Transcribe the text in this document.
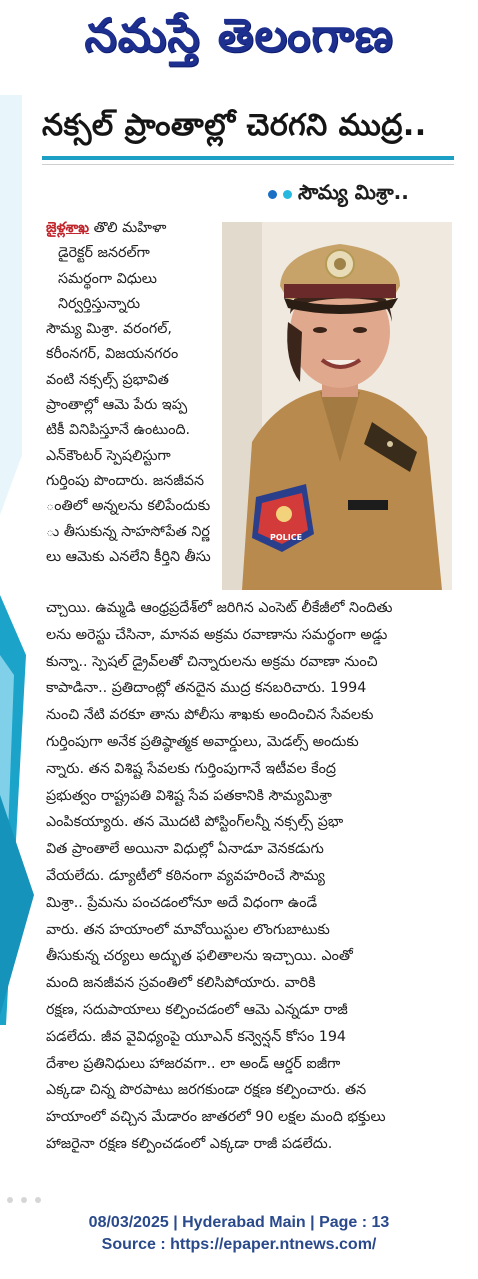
నమస్తే తెలంగాణ
నక్సల్ ప్రాంతాల్లో చెరగని ముద్ర..
సౌమ్య మిశ్రా..
POLICE
జైళ్లశాఖ తొలి మహిళా
డైరెక్టర్ జనరల్‌గా
సమర్థంగా విధులు
నిర్వర్తిస్తున్నారు
సౌమ్య మిశ్రా. వరంగల్,
కరీంనగర్, విజయనగరం
వంటి నక్సల్స్ ప్రభావిత
ప్రాంతాల్లో ఆమె పేరు ఇప్ప
టికీ వినిపిస్తూనే ఉంటుంది.
ఎన్‌కౌంటర్ స్పెషలిస్టుగా
గుర్తింపు పొందారు. జనజీవన
ంతిలో అన్నలను కలిపేందుకు
ు తీసుకున్న సాహసోపేత నిర్ణ
లు ఆమెకు ఎనలేని కీర్తిని తీసు
చ్చాయి. ఉమ్మడి ఆంధ్రప్రదేశ్‌లో జరిగిన ఎంసెట్ లీకేజీలో నిందితు
లను అరెస్టు చేసినా, మానవ అక్రమ రవాణాను సమర్థంగా అడ్డు
కున్నా.. స్పెషల్ డ్రైవ్‌లతో చిన్నారులను అక్రమ రవాణా నుంచి
కాపాడినా.. ప్రతిదాంట్లో తనదైన ముద్ర కనబరిచారు. 1994
నుంచి నేటి వరకూ తాను పోలీసు శాఖకు అందించిన సేవలకు
గుర్తింపుగా అనేక ప్రతిష్ఠాత్మక అవార్డులు, మెడల్స్ అందుకు
న్నారు. తన విశిష్ట సేవలకు గుర్తింపుగానే ఇటీవల కేంద్ర
ప్రభుత్వం రాష్ట్రపతి విశిష్ట సేవ పతకానికి సౌమ్యమిశ్రా
ఎంపికయ్యారు. తన మొదటి పోస్టింగ్‌లన్నీ నక్సల్స్ ప్రభా
విత ప్రాంతాలే అయినా విధుల్లో ఏనాడూ వెనకడుగు
వేయలేదు. డ్యూటీలో కఠినంగా వ్యవహరించే సౌమ్య
మిశ్రా.. ప్రేమను పంచడంలోనూ అదే విధంగా ఉండే
వారు. తన హయాంలో మావోయిస్టుల లొంగుబాటుకు
తీసుకున్న చర్యలు అద్భుత ఫలితాలను ఇచ్చాయి. ఎంతో
మంది జనజీవన స్రవంతిలో కలిసిపోయారు. వారికి
రక్షణ, సదుపాయాలు కల్పించడంలో ఆమె ఎన్నడూ రాజీ
పడలేదు. జీవ వైవిధ్యంపై యూఎన్ కన్వెన్షన్ కోసం 194
దేశాల ప్రతినిధులు హాజరవగా.. లా అండ్ ఆర్డర్ ఐజీగా
ఎక్కడా చిన్న పొరపాటు జరగకుండా రక్షణ కల్పించారు. తన
హయాంలో వచ్చిన మేడారం జాతరలో 90 లక్షల మంది భక్తులు
హాజరైనా రక్షణ కల్పించడంలో ఎక్కడా రాజీ పడలేదు.
08/03/2025 | Hyderabad Main | Page : 13
Source : https://epaper.ntnews.com/
